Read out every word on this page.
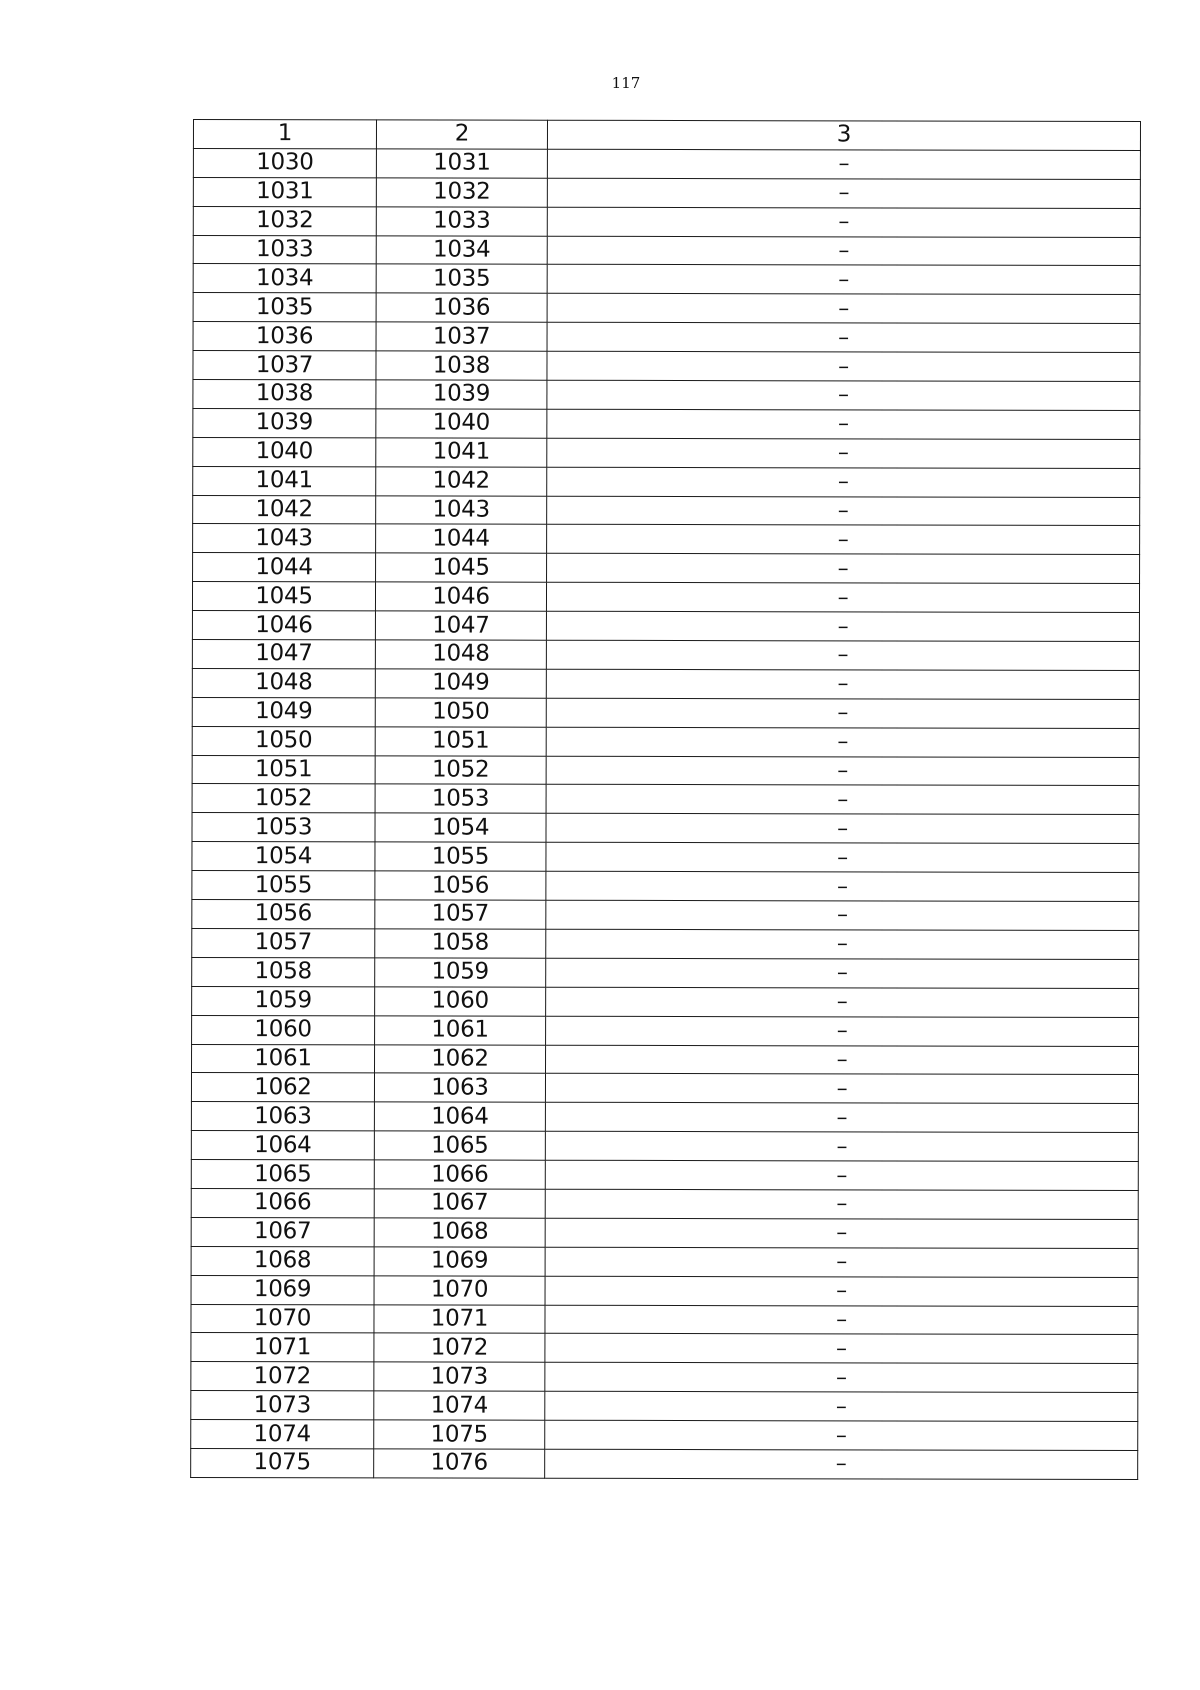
117
1	2	3
1030	1031	–
1031	1032	–
1032	1033	–
1033	1034	–
1034	1035	–
1035	1036	–
1036	1037	–
1037	1038	–
1038	1039	–
1039	1040	–
1040	1041	–
1041	1042	–
1042	1043	–
1043	1044	–
1044	1045	–
1045	1046	–
1046	1047	–
1047	1048	–
1048	1049	–
1049	1050	–
1050	1051	–
1051	1052	–
1052	1053	–
1053	1054	–
1054	1055	–
1055	1056	–
1056	1057	–
1057	1058	–
1058	1059	–
1059	1060	–
1060	1061	–
1061	1062	–
1062	1063	–
1063	1064	–
1064	1065	–
1065	1066	–
1066	1067	–
1067	1068	–
1068	1069	–
1069	1070	–
1070	1071	–
1071	1072	–
1072	1073	–
1073	1074	–
1074	1075	–
1075	1076	–
